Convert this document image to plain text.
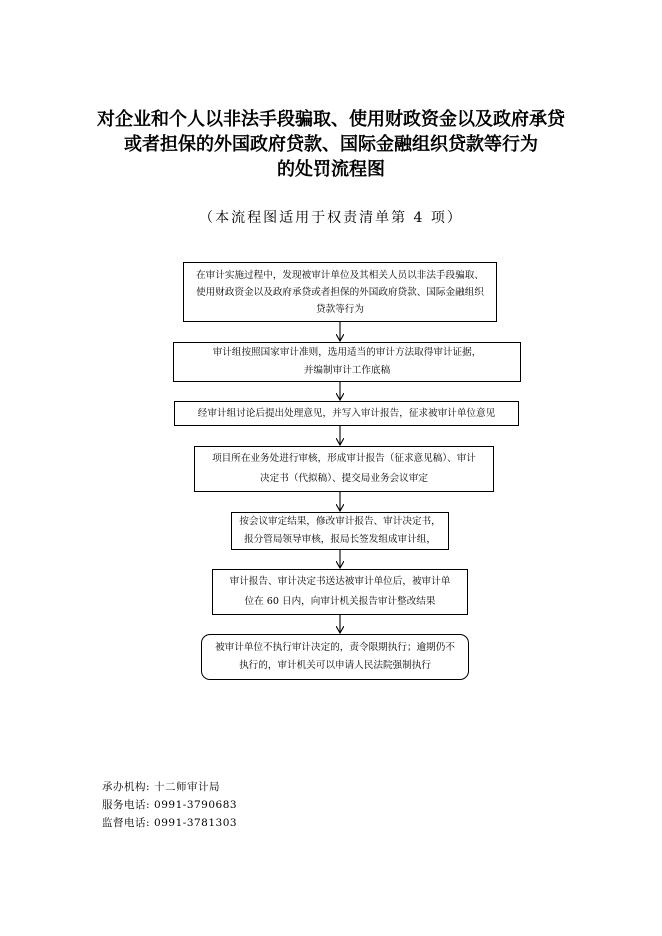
对企业和个人以非法手段骗取、使用财政资金以及政府承贷
或者担保的外国政府贷款、国际金融组织贷款等行为
的处罚流程图
（本流程图适用于权责清单第 4 项）
在审计实施过程中，发现被审计单位及其相关人员以非法手段骗取、
使用财政资金以及政府承贷或者担保的外国政府贷款、国际金融组织
贷款等行为
审计组按照国家审计准则，选用适当的审计方法取得审计证据，
并编制审计工作底稿
经审计组讨论后提出处理意见，并写入审计报告，征求被审计单位意见
项目所在业务处进行审核，形成审计报告（征求意见稿）、审计
决定书（代拟稿）、提交局业务会议审定
按会议审定结果，修改审计报告、审计决定书，
报分管局领导审核，报局长签发组成审计组，
审计报告、审计决定书送达被审计单位后，被审计单
位在 60 日内，向审计机关报告审计整改结果
被审计单位不执行审计决定的，责令限期执行；逾期仍不
执行的，审计机关可以申请人民法院强制执行
承办机构: 十二师审计局
服务电话: 0991-3790683
监督电话: 0991-3781303
